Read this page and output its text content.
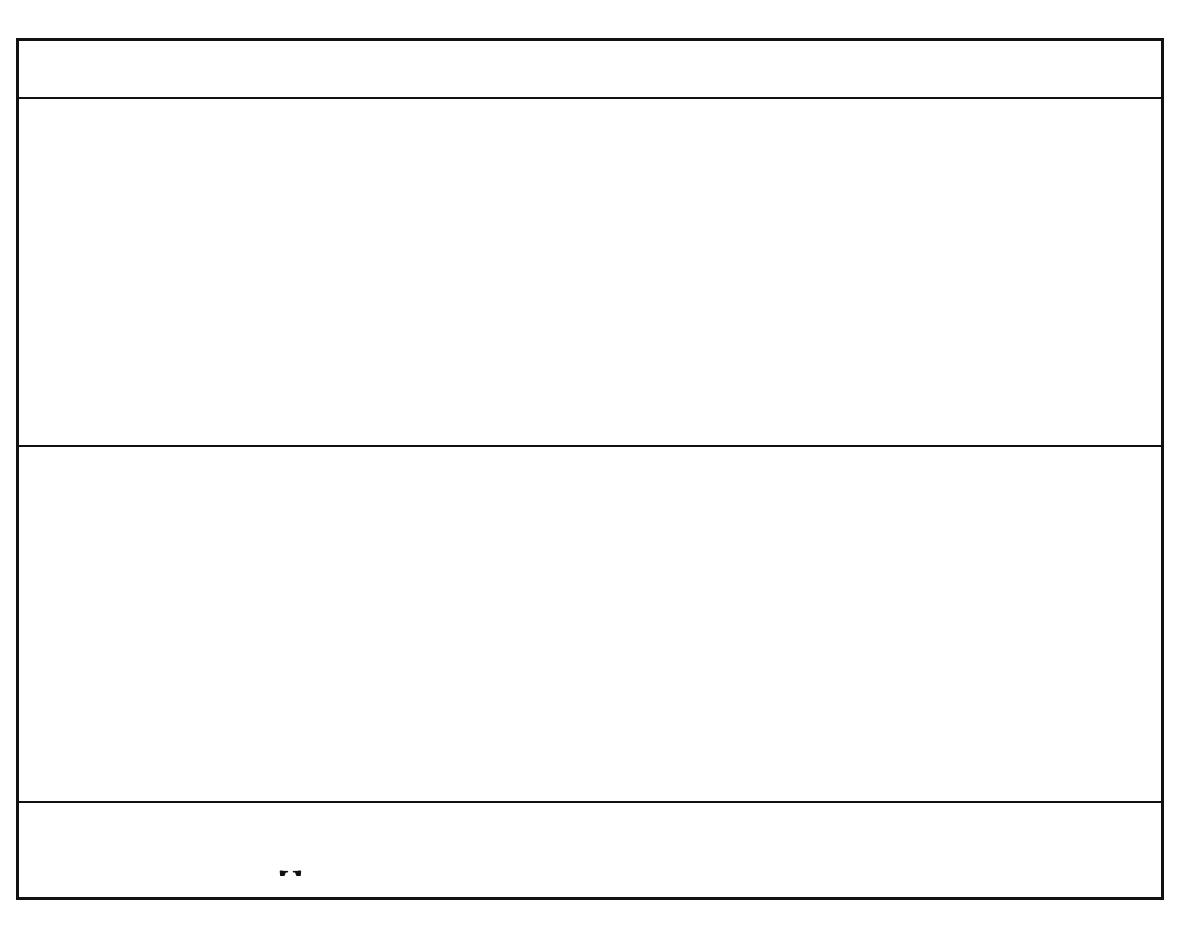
☛ ☚
